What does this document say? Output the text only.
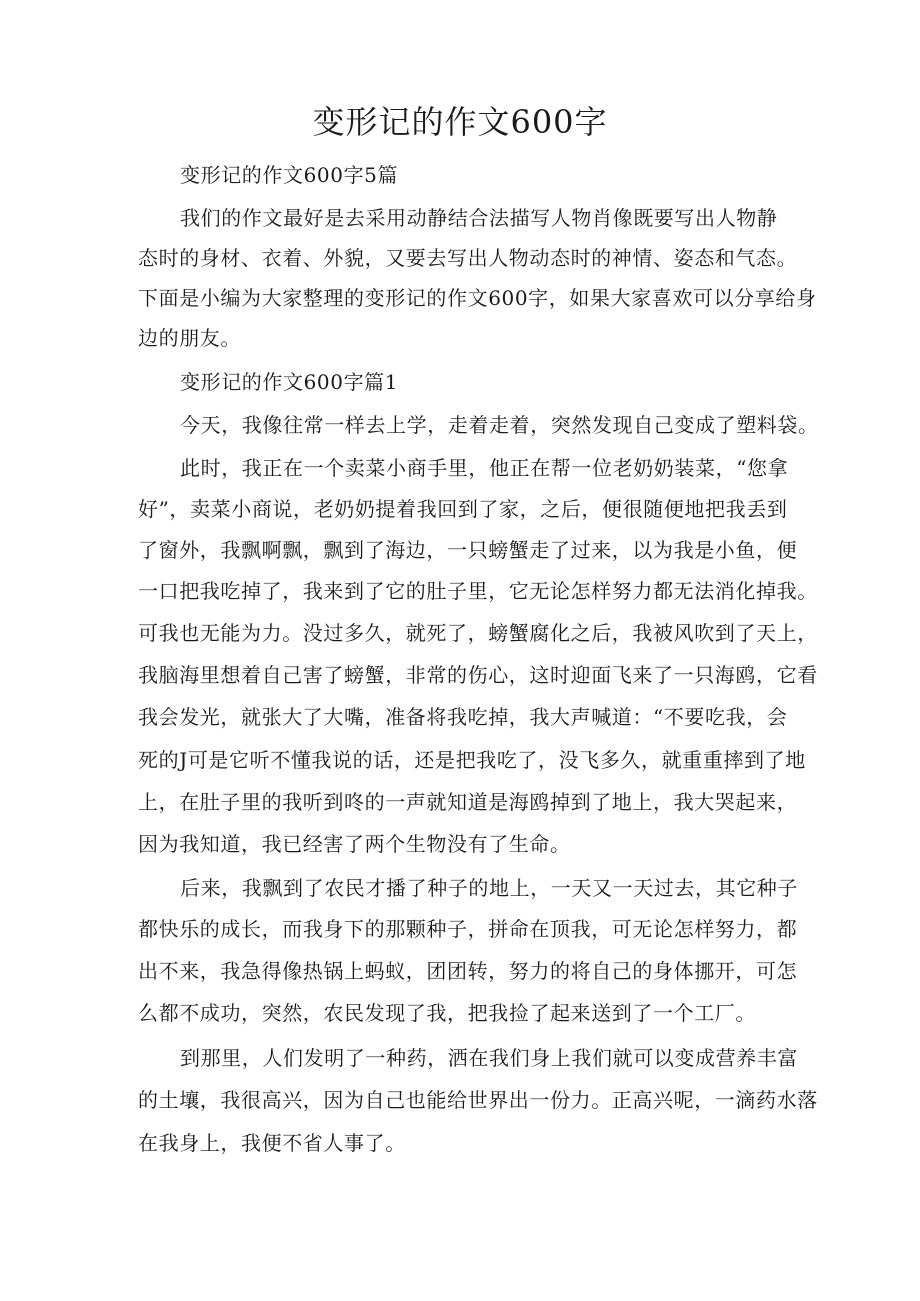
变形记的作文600字

变形记的作文600字5篇

我们的作文最好是去采用动静结合法描写人物肖像既要写出人物静

态时的身材、衣着、外貌，又要去写出人物动态时的神情、姿态和气态。

下面是小编为大家整理的变形记的作文600字，如果大家喜欢可以分享给身

边的朋友。

变形记的作文600字篇1

今天，我像往常一样去上学，走着走着，突然发现自己变成了塑料袋。

此时，我正在一个卖菜小商手里，他正在帮一位老奶奶装菜，“您拿

好”，卖菜小商说，老奶奶提着我回到了家，之后，便很随便地把我丢到

了窗外，我飘啊飘，飘到了海边，一只螃蟹走了过来，以为我是小鱼，便

一口把我吃掉了，我来到了它的肚子里，它无论怎样努力都无法消化掉我。

可我也无能为力。没过多久，就死了，螃蟹腐化之后，我被风吹到了天上，

我脑海里想着自己害了螃蟹，非常的伤心，这时迎面飞来了一只海鸥，它看

我会发光，就张大了大嘴，准备将我吃掉，我大声喊道：“不要吃我，会

死的J可是它听不懂我说的话，还是把我吃了，没飞多久，就重重摔到了地

上，在肚子里的我听到咚的一声就知道是海鸥掉到了地上，我大哭起来，

因为我知道，我已经害了两个生物没有了生命。

后来，我飘到了农民才播了种子的地上，一天又一天过去，其它种子

都快乐的成长，而我身下的那颗种子，拼命在顶我，可无论怎样努力，都

出不来，我急得像热锅上蚂蚁，团团转，努力的将自己的身体挪开，可怎

么都不成功，突然，农民发现了我，把我捡了起来送到了一个工厂。

到那里，人们发明了一种药，洒在我们身上我们就可以变成营养丰富

的土壤，我很高兴，因为自己也能给世界出一份力。正高兴呢，一滴药水落

在我身上，我便不省人事了。
